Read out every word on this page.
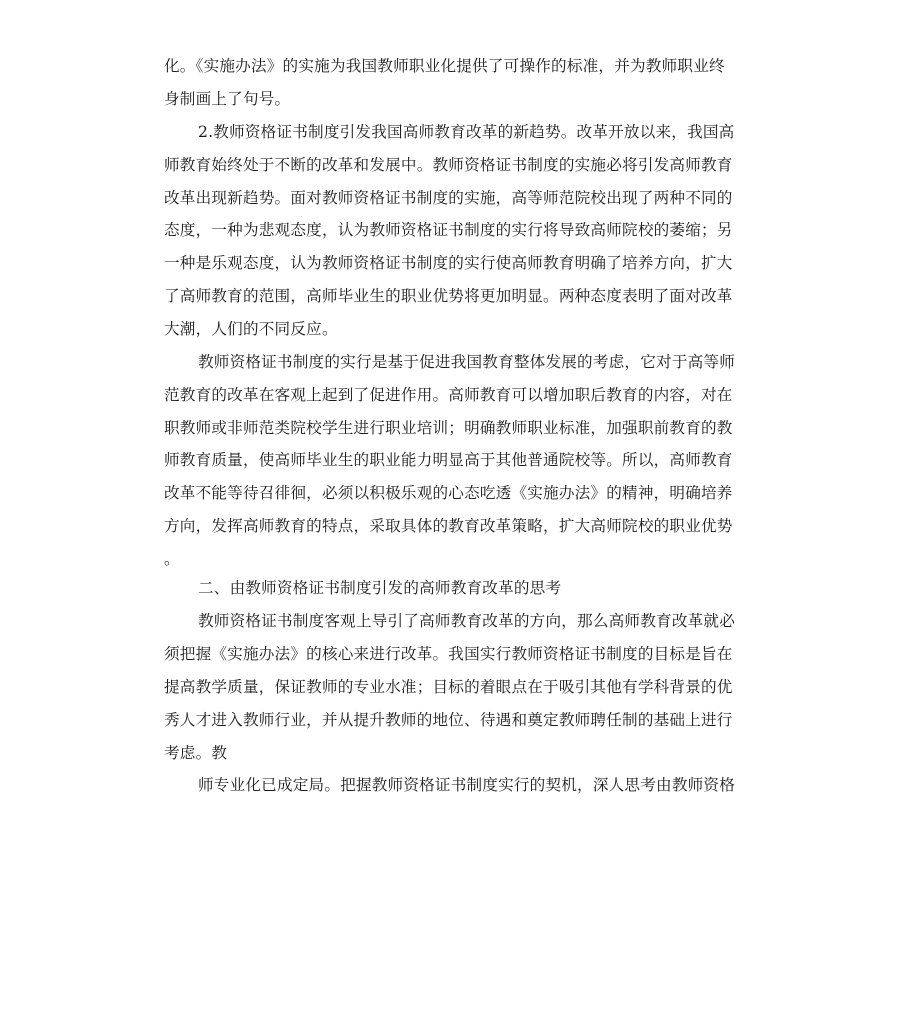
化。《实施办法》的实施为我国教师职业化提供了可操作的标准，并为教师职业终
身制画上了句号。
2.教师资格证书制度引发我国高师教育改革的新趋势。改革开放以来，我国高
师教育始终处于不断的改革和发展中。教师资格证书制度的实施必将引发高师教育
改革出现新趋势。面对教师资格证书制度的实施，高等师范院校出现了两种不同的
态度，一种为悲观态度，认为教师资格证书制度的实行将导致高师院校的萎缩；另
一种是乐观态度，认为教师资格证书制度的实行使高师教育明确了培养方向，扩大
了高师教育的范围，高师毕业生的职业优势将更加明显。两种态度表明了面对改革
大潮，人们的不同反应。
教师资格证书制度的实行是基于促进我国教育整体发展的考虑，它对于高等师
范教育的改革在客观上起到了促进作用。高师教育可以增加职后教育的内容，对在
职教师或非师范类院校学生进行职业培训；明确教师职业标准，加强职前教育的教
师教育质量，使高师毕业生的职业能力明显高于其他普通院校等。所以，高师教育
改革不能等待召徘徊，必须以积极乐观的心态吃透《实施办法》的精神，明确培养
方向，发挥高师教育的特点，采取具体的教育改革策略，扩大高师院校的职业优势
。
二、由教师资格证书制度引发的高师教育改革的思考
教师资格证书制度客观上导引了高师教育改革的方向，那么高师教育改革就必
须把握《实施办法》的核心来进行改革。我国实行教师资格证书制度的目标是旨在
提高教学质量，保证教师的专业水准；目标的着眼点在于吸引其他有学科背景的优
秀人才进入教师行业，并从提升教师的地位、待遇和奠定教师聘任制的基础上进行
考虑。教
师专业化已成定局。把握教师资格证书制度实行的契机，深人思考由教师资格
